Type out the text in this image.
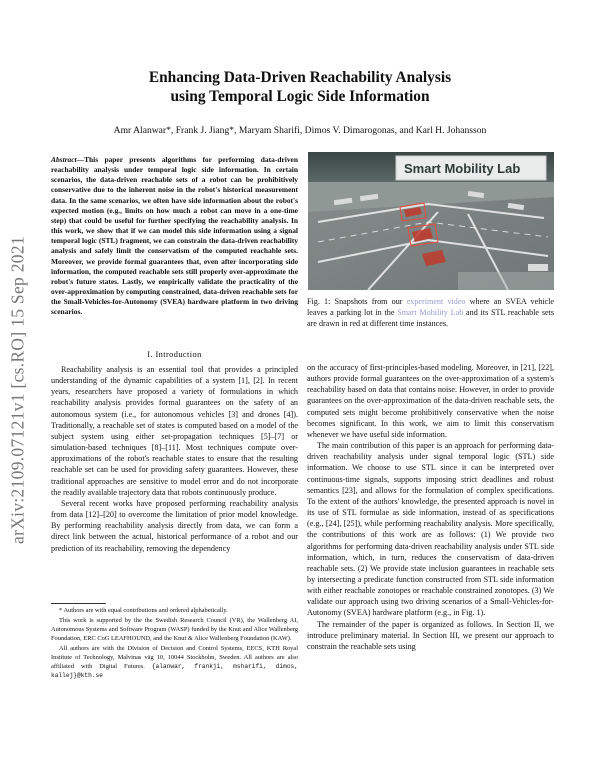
arXiv:2109.07121v1 [cs.RO] 15 Sep 2021
Enhancing Data-Driven Reachability Analysis
using Temporal Logic Side Information
Amr Alanwar*, Frank J. Jiang*, Maryam Sharifi, Dimos V. Dimarogonas, and Karl H. Johansson
Abstract—This paper presents algorithms for performing data-driven reachability analysis under temporal logic side information. In certain scenarios, the data-driven reachable sets of a robot can be prohibitively conservative due to the inherent noise in the robot's historical measurement data. In the same scenarios, we often have side information about the robot's expected motion (e.g., limits on how much a robot can move in a one-time step) that could be useful for further specifying the reachability analysis. In this work, we show that if we can model this side information using a signal temporal logic (STL) fragment, we can constrain the data-driven reachability analysis and safely limit the conservatism of the computed reachable sets. Moreover, we provide formal guarantees that, even after incorporating side information, the computed reachable sets still properly over-approximate the robot's future states. Lastly, we empirically validate the practicality of the over-approximation by computing constrained, data-driven reachable sets for the Small-Vehicles-for-Autonomy (SVEA) hardware platform in two driving scenarios.
I. Introduction

Reachability analysis is an essential tool that provides a principled understanding of the dynamic capabilities of a system [1], [2]. In recent years, researchers have proposed a variety of formulations in which reachability analysis provides formal guarantees on the safety of an autonomous system (i.e., for autonomous vehicles [3] and drones [4]). Traditionally, a reachable set of states is computed based on a model of the subject system using either set-propagation techniques [5]–[7] or simulation-based techniques [8]–[11]. Most techniques compute over-approximations of the robot's reachable states to ensure that the resulting reachable set can be used for providing safety guarantees. However, these traditional approaches are sensitive to model error and do not incorporate the readily available trajectory data that robots continuously produce.

Several recent works have proposed performing reachability analysis from data [12]–[20] to overcome the limitation of prior model knowledge. By performing reachability analysis directly from data, we can form a direct link between the actual, historical performance of a robot and our prediction of its reachability, removing the dependency

* Authors are with equal contributions and ordered alphabetically.

This work is supported by the the Swedish Research Council (VR), the Wallenberg AI, Autonomous Systems and Software Program (WASP) funded by the Knut and Alice Wallenberg Foundation, ERC CoG LEAFHOUND, and the Knut & Alice Wallenberg Foundation (KAW).

All authors are with the Division of Decision and Control Systems, EECS, KTH Royal Institute of Technology, Malvinas väg 10, 10044 Stockholm, Sweden. All authors are also affiliated with Digital Futures. {alanwar, frankji, msharifi, dimos, kallej}@kth.se

Smart Mobility Lab
Fig. 1: Snapshots from our experiment video where an SVEA vehicle leaves a parking lot in the Smart Mobility Lab and its STL reachable sets are drawn in red at different time instances.

on the accuracy of first-principles-based modeling. Moreover, in [21], [22], authors provide formal guarantees on the over-approximation of a system's reachability based on data that contains noise. However, in order to provide guarantees on the over-approximation of the data-driven reachable sets, the computed sets might become prohibitively conservative when the noise becomes significant. In this work, we aim to limit this conservatism whenever we have useful side information.

The main contribution of this paper is an approach for performing data-driven reachability analysis under signal temporal logic (STL) side information. We choose to use STL since it can be interpreted over continuous-time signals, supports imposing strict deadlines and robust semantics [23], and allows for the formulation of complex specifications. To the extent of the authors' knowledge, the presented approach is novel in its use of STL formulae as side information, instead of as specifications (e.g., [24], [25]), while performing reachability analysis. More specifically, the contributions of this work are as follows: (1) We provide two algorithms for performing data-driven reachability analysis under STL side information, which, in turn, reduces the conservatism of data-driven reachable sets. (2) We provide state inclusion guarantees in reachable sets by intersecting a predicate function constructed from STL side information with either reachable zonotopes or reachable constrained zonotopes. (3) We validate our approach using two driving scenarios of a Small-Vehicles-for-Autonomy (SVEA) hardware platform (e.g., in Fig. 1).

The remainder of the paper is organized as follows. In Section II, we introduce preliminary material. In Section III, we present our approach to constrain the reachable sets using
